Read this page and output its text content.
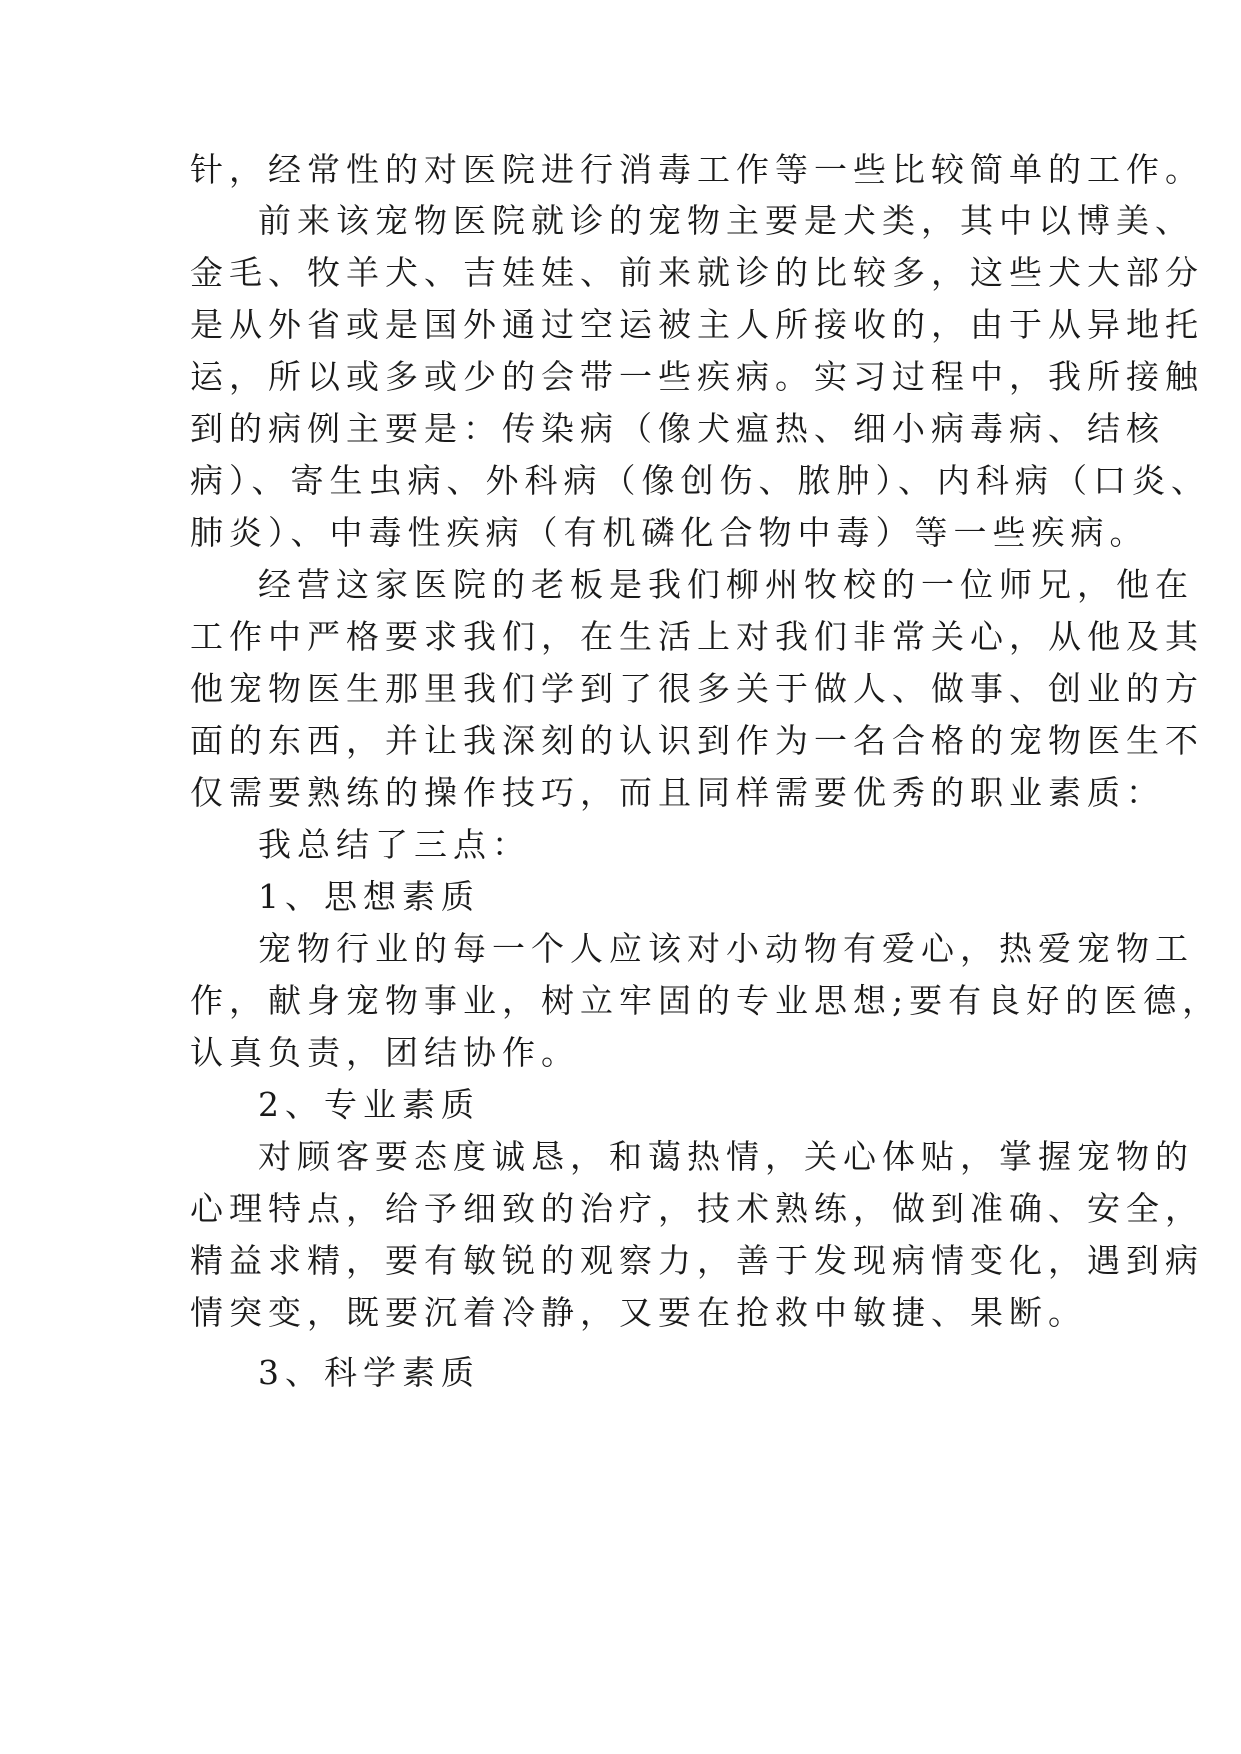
针，经常性的对医院进行消毒工作等一些比较简单的工作。
前来该宠物医院就诊的宠物主要是犬类，其中以博美、
金毛、牧羊犬、吉娃娃、前来就诊的比较多，这些犬大部分
是从外省或是国外通过空运被主人所接收的，由于从异地托
运，所以或多或少的会带一些疾病。实习过程中，我所接触
到的病例主要是：传染病（像犬瘟热、细小病毒病、结核
病）、寄生虫病、外科病（像创伤、脓肿）、内科病（口炎、
肺炎）、中毒性疾病（有机磷化合物中毒）等一些疾病。
经营这家医院的老板是我们柳州牧校的一位师兄，他在
工作中严格要求我们，在生活上对我们非常关心，从他及其
他宠物医生那里我们学到了很多关于做人、做事、创业的方
面的东西，并让我深刻的认识到作为一名合格的宠物医生不
仅需要熟练的操作技巧，而且同样需要优秀的职业素质：
我总结了三点：
1、思想素质
宠物行业的每一个人应该对小动物有爱心，热爱宠物工
作，献身宠物事业，树立牢固的专业思想;要有良好的医德，
认真负责，团结协作。
2、专业素质
对顾客要态度诚恳，和蔼热情，关心体贴，掌握宠物的
心理特点，给予细致的治疗，技术熟练，做到准确、安全，
精益求精，要有敏锐的观察力，善于发现病情变化，遇到病
情突变，既要沉着冷静，又要在抢救中敏捷、果断。
3、科学素质
